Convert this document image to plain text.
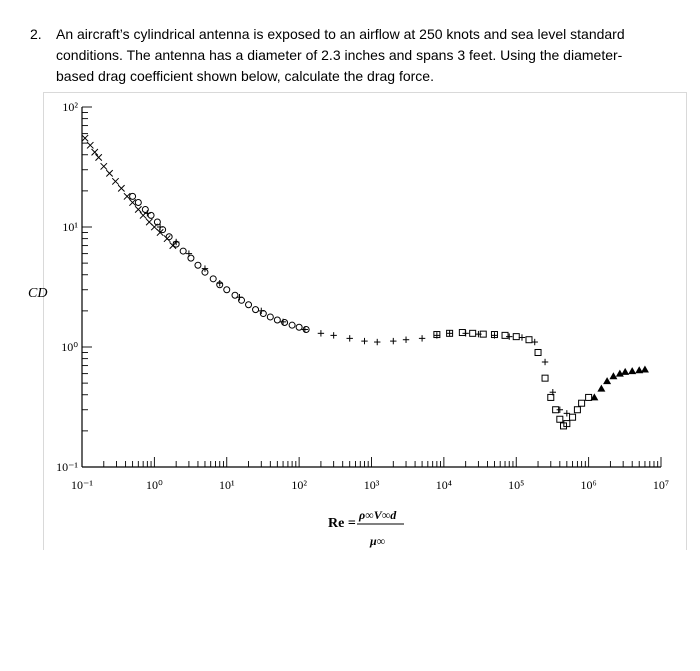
2. An aircraft’s cylindrical antenna is exposed to an airflow at 250 knots and sea level standard conditions. The antenna has a diameter of 2.3 inches and spans 3 feet. Using the diameter-based drag coefficient shown below, calculate the drag force.
10⁻¹	10⁰	10¹	10²	10³	10⁴	10⁵	10⁶	10⁷
10⁻¹
10⁰
10¹
10²
CD
Re =
ρ∞V∞d
μ∞
